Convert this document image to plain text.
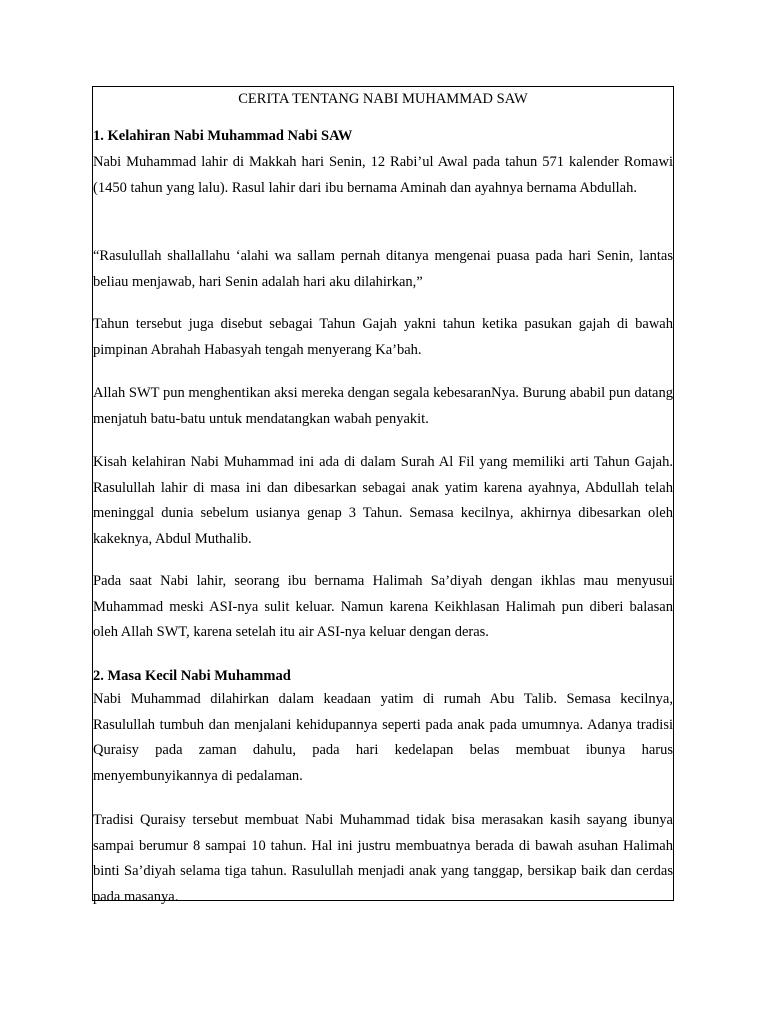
CERITA TENTANG NABI MUHAMMAD SAW
1. Kelahiran Nabi Muhammad Nabi SAW

Nabi Muhammad lahir di Makkah hari Senin, 12 Rabi’ul Awal pada tahun 571 kalender Romawi (1450 tahun yang lalu). Rasul lahir dari ibu bernama Aminah dan ayahnya bernama Abdullah.

“Rasulullah shallallahu ‘alahi wa sallam pernah ditanya mengenai puasa pada hari Senin, lantas beliau menjawab, hari Senin adalah hari aku dilahirkan,”

Tahun tersebut juga disebut sebagai Tahun Gajah yakni tahun ketika pasukan gajah di bawah pimpinan Abrahah Habasyah tengah menyerang Ka’bah.

Allah SWT pun menghentikan aksi mereka dengan segala kebesaranNya. Burung ababil pun datang menjatuh batu-batu untuk mendatangkan wabah penyakit.

Kisah kelahiran Nabi Muhammad ini ada di dalam Surah Al Fil yang memiliki arti Tahun Gajah. Rasulullah lahir di masa ini dan dibesarkan sebagai anak yatim karena ayahnya, Abdullah telah meninggal dunia sebelum usianya genap 3 Tahun. Semasa kecilnya, akhirnya dibesarkan oleh kakeknya, Abdul Muthalib.

Pada saat Nabi lahir, seorang ibu bernama Halimah Sa’diyah dengan ikhlas mau menyusui Muhammad meski ASI-nya sulit keluar. Namun karena Keikhlasan Halimah pun diberi balasan oleh Allah SWT, karena setelah itu air ASI-nya keluar dengan deras.

2. Masa Kecil Nabi Muhammad

Nabi Muhammad dilahirkan dalam keadaan yatim di rumah Abu Talib. Semasa kecilnya, Rasulullah tumbuh dan menjalani kehidupannya seperti pada anak pada umumnya. Adanya tradisi Quraisy pada zaman dahulu, pada hari kedelapan belas membuat ibunya harus menyembunyikannya di pedalaman.

Tradisi Quraisy tersebut membuat Nabi Muhammad tidak bisa merasakan kasih sayang ibunya sampai berumur 8 sampai 10 tahun. Hal ini justru membuatnya berada di bawah asuhan Halimah binti Sa’diyah selama tiga tahun. Rasulullah menjadi anak yang tanggap, bersikap baik dan cerdas pada masanya.
